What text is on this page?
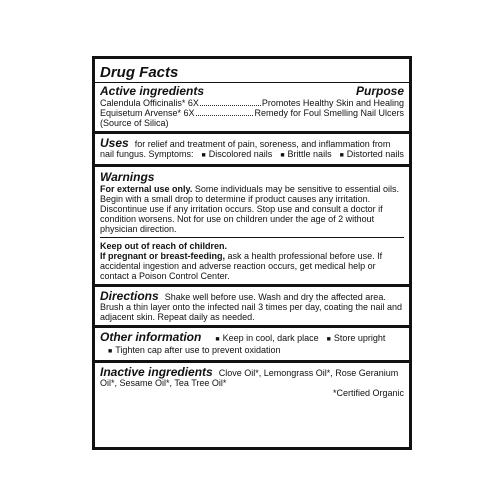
Drug Facts
Active ingredients	Purpose
Calendula Officinalis* 6X	Promotes Healthy Skin and Healing
Equisetum Arvense* 6X	Remedy for Foul Smelling Nail Ulcers
(Source of Silica)
Uses for relief and treatment of pain, soreness, and inflammation from nail fungus. Symptoms: ■ Discolored nails ■ Brittle nails ■ Distorted nails
Warnings
For external use only. Some individuals may be sensitive to essential oils. Begin with a small drop to determine if product causes any irritation. Discontinue use if any irritation occurs. Stop use and consult a doctor if condition worsens. Not for use on children under the age of 2 without physician direction.
Keep out of reach of children.
If pregnant or breast-feeding, ask a health professional before use. If accidental ingestion and adverse reaction occurs, get medical help or contact a Poison Control Center.
Directions Shake well before use. Wash and dry the affected area. Brush a thin layer onto the infected nail 3 times per day, coating the nail and adjacent skin. Repeat daily as needed.
Other information ■ Keep in cool, dark place ■ Store upright
■ Tighten cap after use to prevent oxidation
Inactive ingredients Clove Oil*, Lemongrass Oil*, Rose Geranium Oil*, Sesame Oil*, Tea Tree Oil*
*Certified Organic
